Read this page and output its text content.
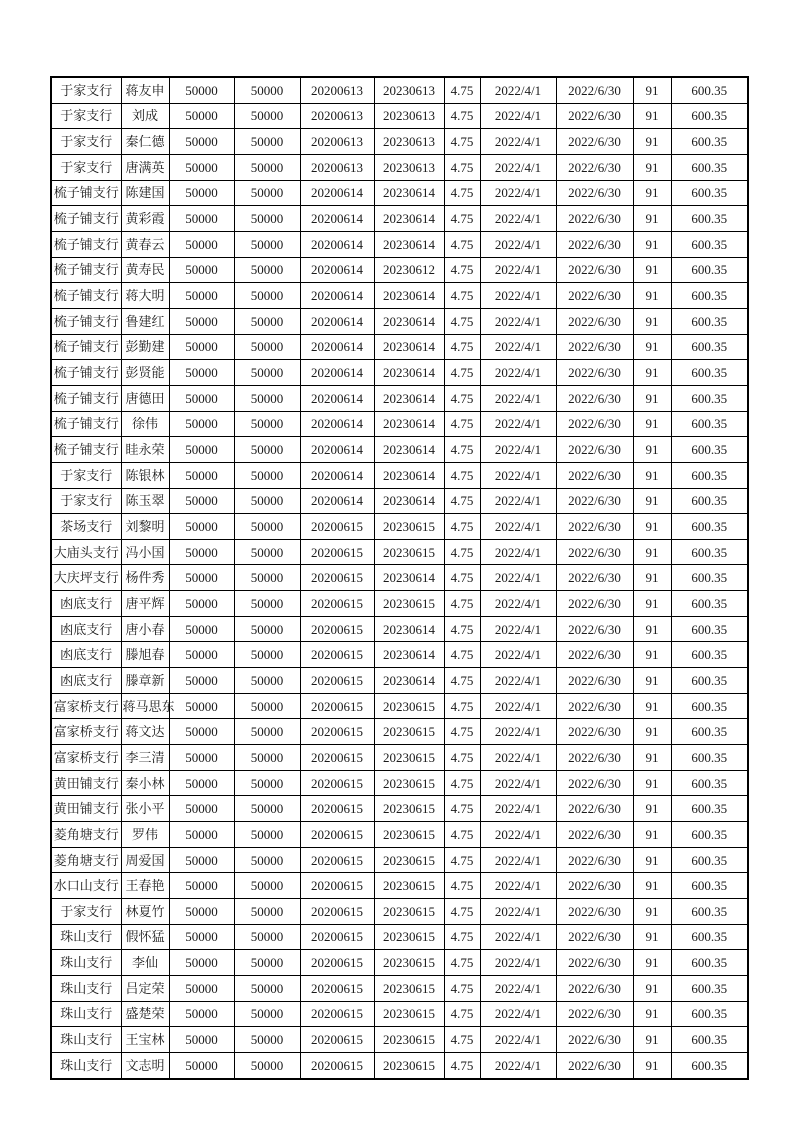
于家支行	蒋友申	50000	50000	20200613	20230613	4.75	2022/4/1	2022/6/30	91	600.35
于家支行	刘成	50000	50000	20200613	20230613	4.75	2022/4/1	2022/6/30	91	600.35
于家支行	秦仁德	50000	50000	20200613	20230613	4.75	2022/4/1	2022/6/30	91	600.35
于家支行	唐满英	50000	50000	20200613	20230613	4.75	2022/4/1	2022/6/30	91	600.35
梳子铺支行	陈建国	50000	50000	20200614	20230614	4.75	2022/4/1	2022/6/30	91	600.35
梳子铺支行	黄彩霞	50000	50000	20200614	20230614	4.75	2022/4/1	2022/6/30	91	600.35
梳子铺支行	黄春云	50000	50000	20200614	20230614	4.75	2022/4/1	2022/6/30	91	600.35
梳子铺支行	黄寿民	50000	50000	20200614	20230612	4.75	2022/4/1	2022/6/30	91	600.35
梳子铺支行	蒋大明	50000	50000	20200614	20230614	4.75	2022/4/1	2022/6/30	91	600.35
梳子铺支行	鲁建红	50000	50000	20200614	20230614	4.75	2022/4/1	2022/6/30	91	600.35
梳子铺支行	彭勤建	50000	50000	20200614	20230614	4.75	2022/4/1	2022/6/30	91	600.35
梳子铺支行	彭贤能	50000	50000	20200614	20230614	4.75	2022/4/1	2022/6/30	91	600.35
梳子铺支行	唐德田	50000	50000	20200614	20230614	4.75	2022/4/1	2022/6/30	91	600.35
梳子铺支行	徐伟	50000	50000	20200614	20230614	4.75	2022/4/1	2022/6/30	91	600.35
梳子铺支行	眭永荣	50000	50000	20200614	20230614	4.75	2022/4/1	2022/6/30	91	600.35
于家支行	陈银林	50000	50000	20200614	20230614	4.75	2022/4/1	2022/6/30	91	600.35
于家支行	陈玉翠	50000	50000	20200614	20230614	4.75	2022/4/1	2022/6/30	91	600.35
茶场支行	刘黎明	50000	50000	20200615	20230615	4.75	2022/4/1	2022/6/30	91	600.35
大庙头支行	冯小国	50000	50000	20200615	20230615	4.75	2022/4/1	2022/6/30	91	600.35
大庆坪支行	杨件秀	50000	50000	20200615	20230614	4.75	2022/4/1	2022/6/30	91	600.35
凼底支行	唐平辉	50000	50000	20200615	20230615	4.75	2022/4/1	2022/6/30	91	600.35
凼底支行	唐小春	50000	50000	20200615	20230614	4.75	2022/4/1	2022/6/30	91	600.35
凼底支行	滕旭春	50000	50000	20200615	20230614	4.75	2022/4/1	2022/6/30	91	600.35
凼底支行	滕章新	50000	50000	20200615	20230614	4.75	2022/4/1	2022/6/30	91	600.35
富家桥支行	蒋马思东	50000	50000	20200615	20230615	4.75	2022/4/1	2022/6/30	91	600.35
富家桥支行	蒋文达	50000	50000	20200615	20230615	4.75	2022/4/1	2022/6/30	91	600.35
富家桥支行	李三清	50000	50000	20200615	20230615	4.75	2022/4/1	2022/6/30	91	600.35
黄田铺支行	秦小林	50000	50000	20200615	20230615	4.75	2022/4/1	2022/6/30	91	600.35
黄田铺支行	张小平	50000	50000	20200615	20230615	4.75	2022/4/1	2022/6/30	91	600.35
菱角塘支行	罗伟	50000	50000	20200615	20230615	4.75	2022/4/1	2022/6/30	91	600.35
菱角塘支行	周爱国	50000	50000	20200615	20230615	4.75	2022/4/1	2022/6/30	91	600.35
水口山支行	王春艳	50000	50000	20200615	20230615	4.75	2022/4/1	2022/6/30	91	600.35
于家支行	林夏竹	50000	50000	20200615	20230615	4.75	2022/4/1	2022/6/30	91	600.35
珠山支行	假怀猛	50000	50000	20200615	20230615	4.75	2022/4/1	2022/6/30	91	600.35
珠山支行	李仙	50000	50000	20200615	20230615	4.75	2022/4/1	2022/6/30	91	600.35
珠山支行	吕定荣	50000	50000	20200615	20230615	4.75	2022/4/1	2022/6/30	91	600.35
珠山支行	盛楚荣	50000	50000	20200615	20230615	4.75	2022/4/1	2022/6/30	91	600.35
珠山支行	王宝林	50000	50000	20200615	20230615	4.75	2022/4/1	2022/6/30	91	600.35
珠山支行	文志明	50000	50000	20200615	20230615	4.75	2022/4/1	2022/6/30	91	600.35
